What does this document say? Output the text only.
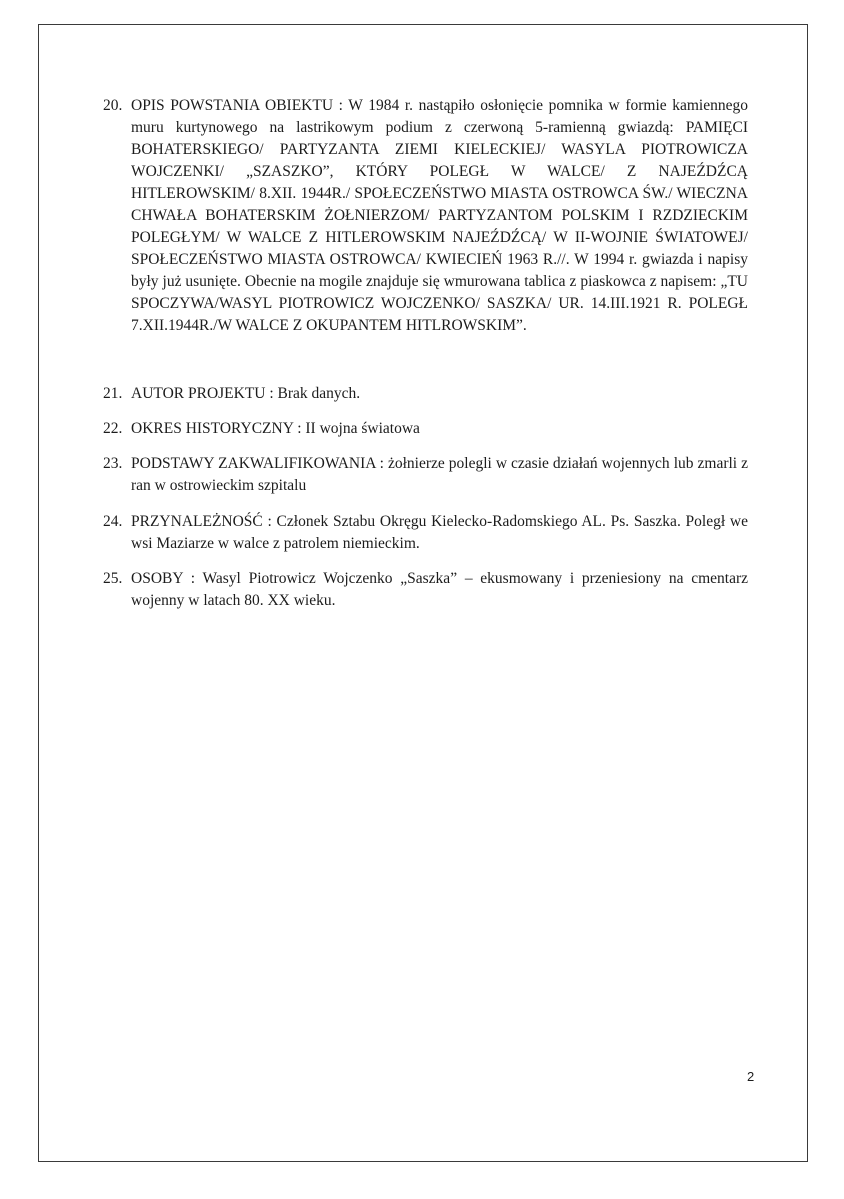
20. OPIS POWSTANIA OBIEKTU : W 1984 r. nastąpiło osłonięcie pomnika w formie kamiennego muru kurtynowego na lastrikowym podium z czerwoną 5-ramienną gwiazdą: PAMIĘCI BOHATERSKIEGO/ PARTYZANTA ZIEMI KIELECKIEJ/ WASYLA PIOTROWICZA WOJCZENKI/ „SZASZKO”, KTÓRY POLEGŁ W WALCE/ Z NAJEŹDŹCĄ HITLEROWSKIM/ 8.XII. 1944R./ SPOŁECZEŃSTWO MIASTA OSTROWCA ŚW./ WIECZNA CHWAŁA BOHATERSKIM ŻOŁNIERZOM/ PARTYZANTOM POLSKIM I RZDZIECKIM POLEGŁYM/ W WALCE Z HITLEROWSKIM NAJEŹDŹCĄ/ W II-WOJNIE ŚWIATOWEJ/ SPOŁECZEŃSTWO MIASTA OSTROWCA/ KWIECIEŃ 1963 R.//. W 1994 r. gwiazda i napisy były już usunięte. Obecnie na mogile znajduje się wmurowana tablica z piaskowca z napisem: „TU SPOCZYWA/WASYL PIOTROWICZ WOJCZENKO/ SASZKA/ UR. 14.III.1921 R. POLEGŁ 7.XII.1944R./W WALCE Z OKUPANTEM HITLROWSKIM”.
21. AUTOR PROJEKTU : Brak danych.
22. OKRES HISTORYCZNY : II wojna światowa
23. PODSTAWY ZAKWALIFIKOWANIA : żołnierze polegli w czasie działań wojennych lub zmarli z ran w ostrowieckim szpitalu
24. PRZYNALEŻNOŚĆ : Członek Sztabu Okręgu Kielecko-Radomskiego AL. Ps. Saszka. Poległ we wsi Maziarze w walce z patrolem niemieckim.
25. OSOBY : Wasyl Piotrowicz Wojczenko „Saszka” – ekusmowany i przeniesiony na cmentarz wojenny w latach 80. XX wieku.
2
